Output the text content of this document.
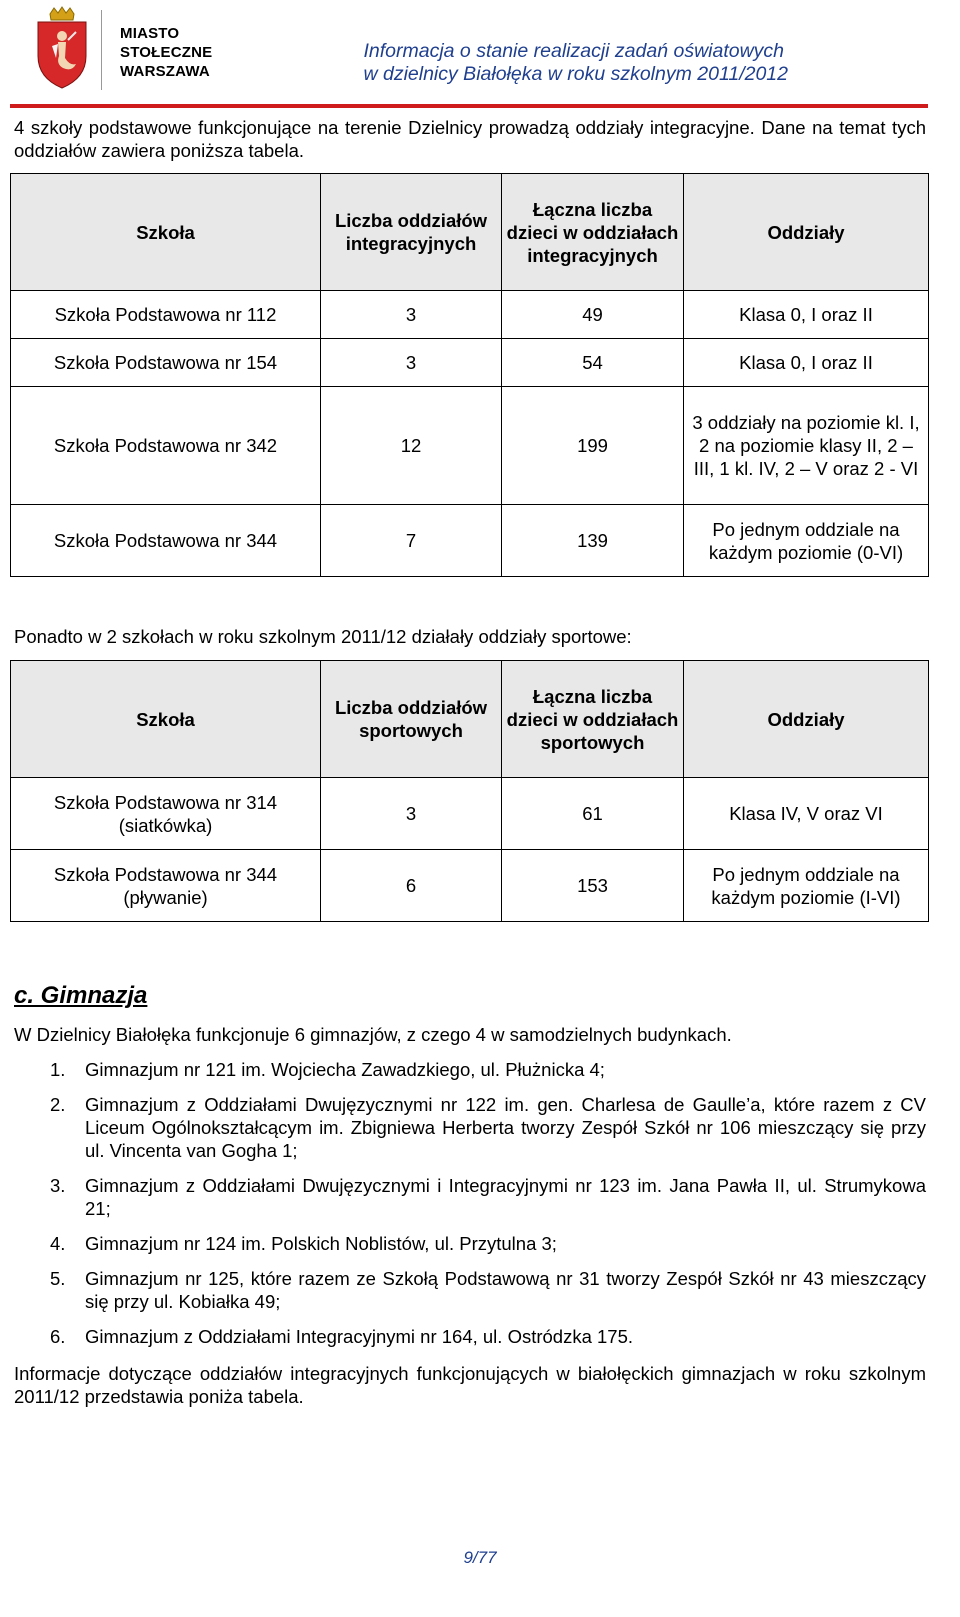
MIASTO
STOŁECZNE
WARSZAWA
Informacja o stanie realizacji zadań oświatowych
w dzielnicy Białołęka w roku szkolnym 2011/2012
4 szkoły podstawowe funkcjonujące na terenie Dzielnicy prowadzą oddziały integracyjne. Dane na temat tych oddziałów zawiera poniższa tabela.
Szkoła	Liczba oddziałów integracyjnych	Łączna liczba dzieci w oddziałach integracyjnych	Oddziały
Szkoła Podstawowa nr 112	3	49	Klasa 0, I oraz II
Szkoła Podstawowa nr 154	3	54	Klasa 0, I oraz II
Szkoła Podstawowa nr 342	12	199	3 oddziały na poziomie kl. I, 2 na poziomie klasy II, 2 – III, 1 kl. IV, 2 – V oraz 2 - VI
Szkoła Podstawowa nr 344	7	139	Po jednym oddziale na każdym poziomie (0-VI)
Ponadto w 2 szkołach w roku szkolnym 2011/12 działały oddziały sportowe:
Szkoła	Liczba oddziałów sportowych	Łączna liczba dzieci w oddziałach sportowych	Oddziały
Szkoła Podstawowa nr 314 (siatkówka)	3	61	Klasa IV, V oraz VI
Szkoła Podstawowa nr 344 (pływanie)	6	153	Po jednym oddziale na każdym poziomie (I-VI)
c. Gimnazja
W Dzielnicy Białołęka funkcjonuje 6 gimnazjów, z czego 4 w samodzielnych budynkach.
1. Gimnazjum nr 121 im. Wojciecha Zawadzkiego, ul. Płużnicka 4;
2. Gimnazjum z Oddziałami Dwujęzycznymi nr 122 im. gen. Charlesa de Gaulle’a, które razem z CV Liceum Ogólnokształcącym im. Zbigniewa Herberta tworzy Zespół Szkół nr 106 mieszczący się przy ul. Vincenta van Gogha 1;
3. Gimnazjum z Oddziałami Dwujęzycznymi i Integracyjnymi nr 123 im. Jana Pawła II, ul. Strumykowa 21;
4. Gimnazjum nr 124 im. Polskich Noblistów, ul. Przytulna 3;
5. Gimnazjum nr 125, które razem ze Szkołą Podstawową nr 31 tworzy Zespół Szkół nr 43 mieszczący się przy ul. Kobiałka 49;
6. Gimnazjum z Oddziałami Integracyjnymi nr 164, ul. Ostródzka 175.
Informacje dotyczące oddziałów integracyjnych funkcjonujących w białołęckich gimnazjach w roku szkolnym 2011/12 przedstawia poniża tabela.
9/77
